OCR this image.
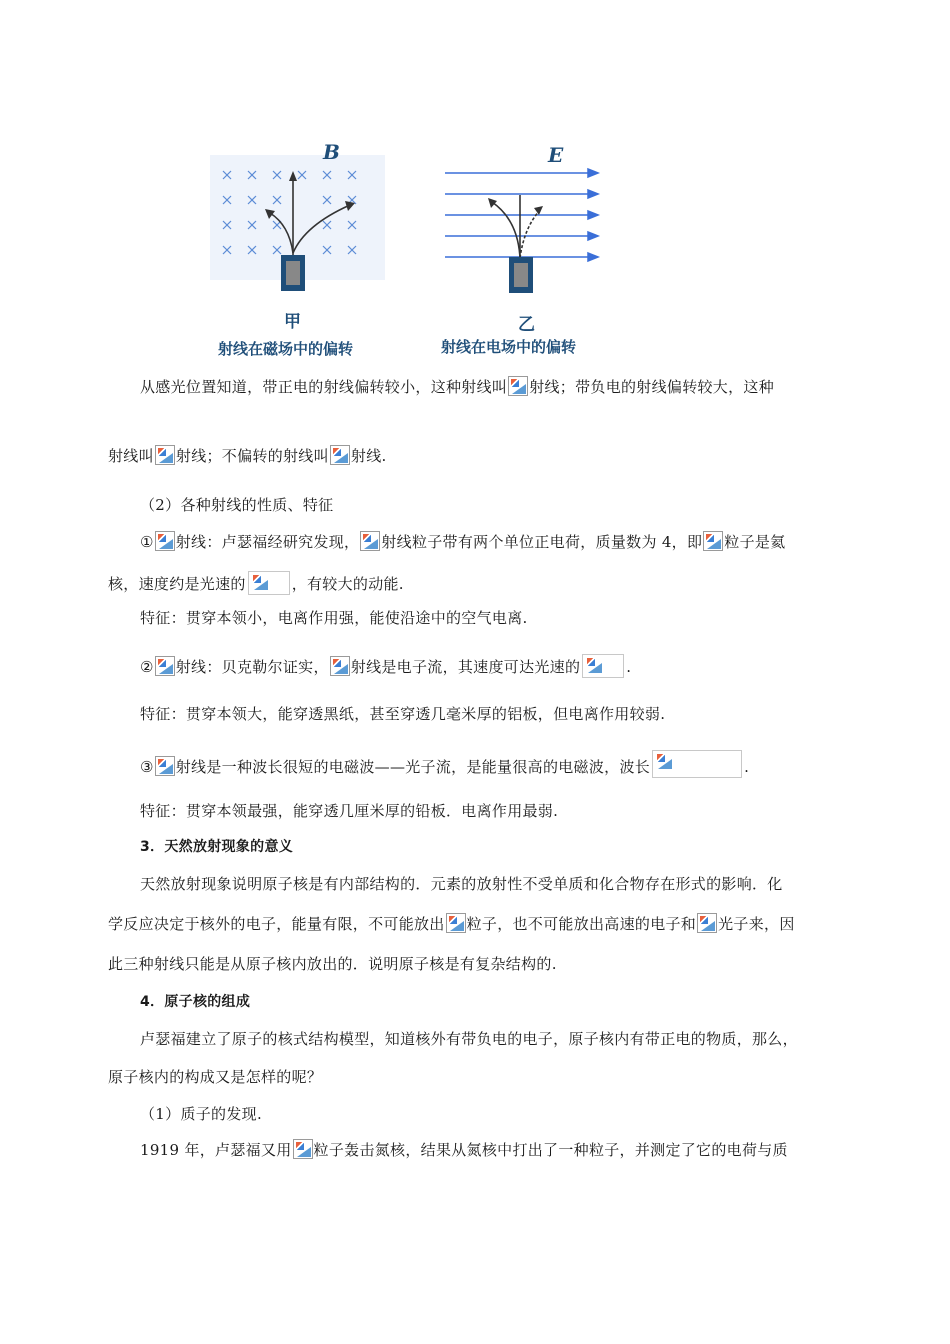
B
甲
射线在磁场中的偏转
E
乙
射线在电场中的偏转
从感光位置知道，带正电的射线偏转较小，这种射线叫 射线；带负电的射线偏转较大，这种
射线叫 射线；不偏转的射线叫 射线.
（2）各种射线的性质、特征
① 射线：卢瑟福经研究发现， 射线粒子带有两个单位正电荷，质量数为 4，即 粒子是氦
核，速度约是光速的	，有较大的动能.
特征：贯穿本领小，电离作用强，能使沿途中的空气电离.
② 射线：贝克勒尔证实， 射线是电子流，其速度可达光速的	.
特征：贯穿本领大，能穿透黑纸，甚至穿透几毫米厚的铝板，但电离作用较弱.
③ 射线是一种波长很短的电磁波——光子流，是能量很高的电磁波，波长	.
特征：贯穿本领最强，能穿透几厘米厚的铅板．电离作用最弱.
3．天然放射现象的意义
天然放射现象说明原子核是有内部结构的．元素的放射性不受单质和化合物存在形式的影响．化
学反应决定于核外的电子，能量有限，不可能放出 粒子，也不可能放出高速的电子和 光子来，因
此三种射线只能是从原子核内放出的．说明原子核是有复杂结构的.
4．原子核的组成
卢瑟福建立了原子的核式结构模型，知道核外有带负电的电子，原子核内有带正电的物质，那么，
原子核内的构成又是怎样的呢？
（1）质子的发现.
1919 年，卢瑟福又用 粒子轰击氮核，结果从氮核中打出了一种粒子，并测定了它的电荷与质
